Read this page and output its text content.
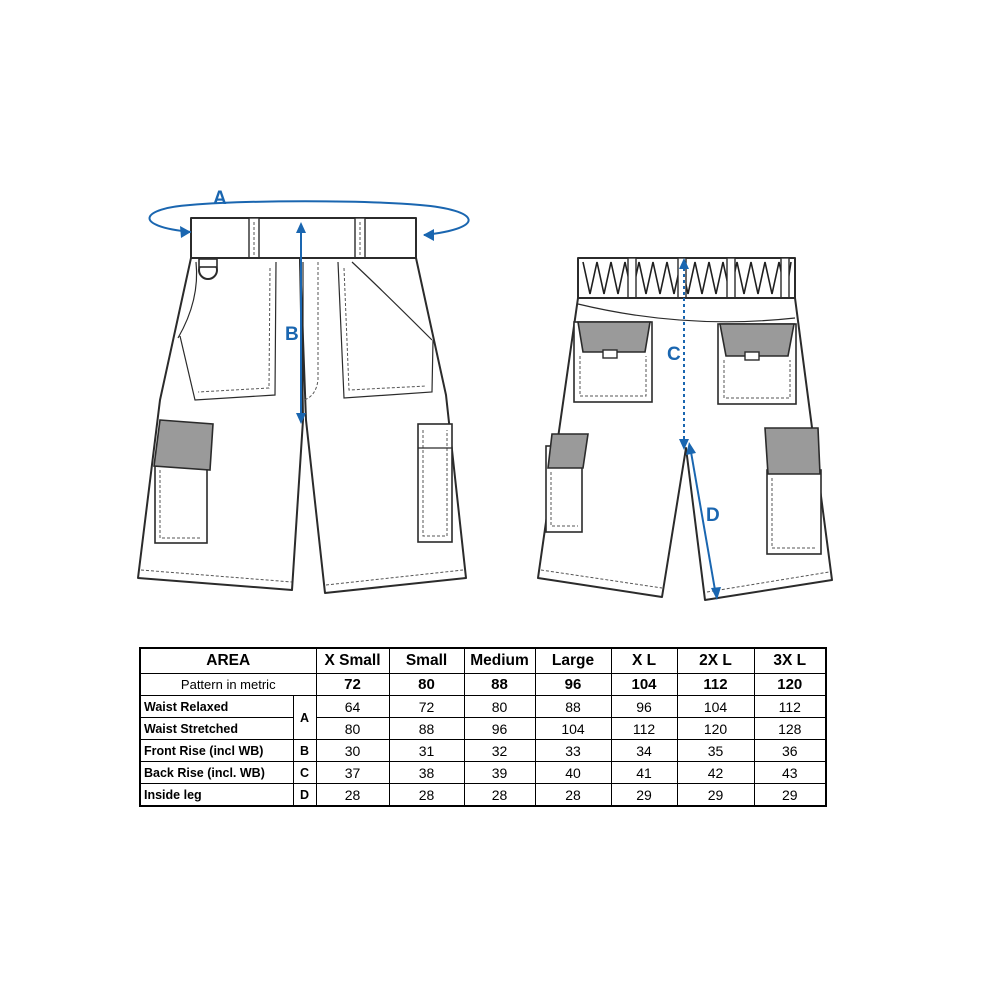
A
B
C
D
AREA		X Small	Small	Medium	Large	X L	2X L	3X L
Pattern in metric		72	80	88	96	104	112	120
Waist Relaxed	A	64	72	80	88	96	104	112
Waist Stretched		80	88	96	104	112	120	128
Front Rise (incl WB)	B	30	31	32	33	34	35	36
Back Rise (incl. WB)	C	37	38	39	40	41	42	43
Inside leg	D	28	28	28	28	29	29	29
